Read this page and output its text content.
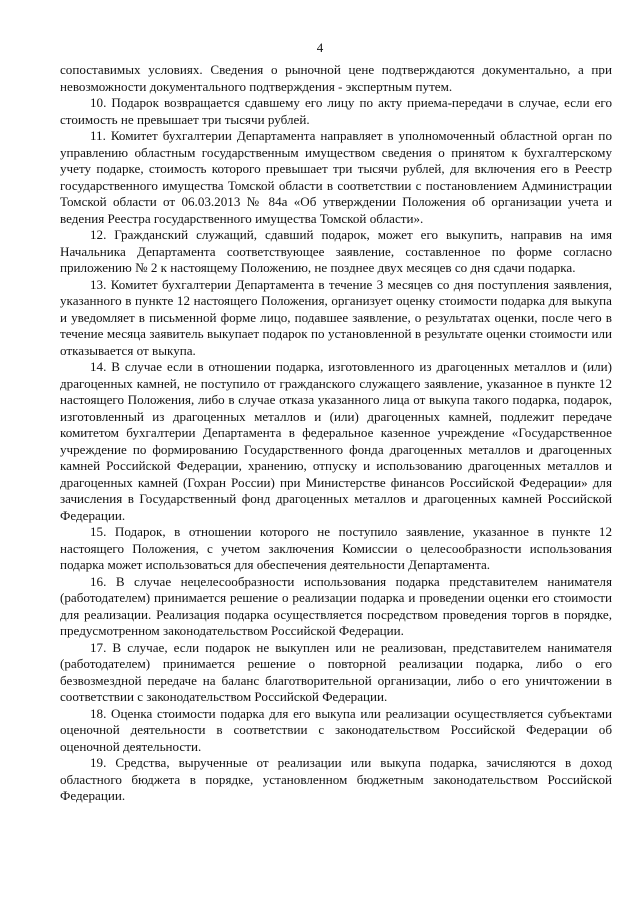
4

сопоставимых условиях. Сведения о рыночной цене подтверждаются документально, а при невозможности документального подтверждения - экспертным путем.

10. Подарок возвращается сдавшему его лицу по акту приема-передачи в случае, если его стоимость не превышает три тысячи рублей.

11. Комитет бухгалтерии Департамента направляет в уполномоченный областной орган по управлению областным государственным имуществом сведения о принятом к бухгалтерскому учету подарке, стоимость которого превышает три тысячи рублей, для включения его в Реестр государственного имущества Томской области в соответствии с постановлением Администрации Томской области от 06.03.2013 № 84а «Об утверждении Положения об организации учета и ведения Реестра государственного имущества Томской области».

12. Гражданский служащий, сдавший подарок, может его выкупить, направив на имя Начальника Департамента соответствующее заявление, составленное по форме согласно приложению № 2 к настоящему Положению, не позднее двух месяцев со дня сдачи подарка.

13. Комитет бухгалтерии Департамента в течение 3 месяцев со дня поступления заявления, указанного в пункте 12 настоящего Положения, организует оценку стоимости подарка для выкупа и уведомляет в письменной форме лицо, подавшее заявление, о результатах оценки, после чего в течение месяца заявитель выкупает подарок по установленной в результате оценки стоимости или отказывается от выкупа.

14. В случае если в отношении подарка, изготовленного из драгоценных металлов и (или) драгоценных камней, не поступило от гражданского служащего заявление, указанное в пункте 12 настоящего Положения, либо в случае отказа указанного лица от выкупа такого подарка, подарок, изготовленный из драгоценных металлов и (или) драгоценных камней, подлежит передаче комитетом бухгалтерии Департамента в федеральное казенное учреждение «Государственное учреждение по формированию Государственного фонда драгоценных металлов и драгоценных камней Российской Федерации, хранению, отпуску и использованию драгоценных металлов и драгоценных камней (Гохран России) при Министерстве финансов Российской Федерации» для зачисления в Государственный фонд драгоценных металлов и драгоценных камней Российской Федерации.

15. Подарок, в отношении которого не поступило заявление, указанное в пункте 12 настоящего Положения, с учетом заключения Комиссии о целесообразности использования подарка может использоваться для обеспечения деятельности Департамента.

16. В случае нецелесообразности использования подарка представителем нанимателя (работодателем) принимается решение о реализации подарка и проведении оценки его стоимости для реализации. Реализация подарка осуществляется посредством проведения торгов в порядке, предусмотренном законодательством Российской Федерации.

17. В случае, если подарок не выкуплен или не реализован, представителем нанимателя (работодателем) принимается решение о повторной реализации подарка, либо о его безвозмездной передаче на баланс благотворительной организации, либо о его уничтожении в соответствии с законодательством Российской Федерации.

18. Оценка стоимости подарка для его выкупа или реализации осуществляется субъектами оценочной деятельности в соответствии с законодательством Российской Федерации об оценочной деятельности.

19. Средства, вырученные от реализации или выкупа подарка, зачисляются в доход областного бюджета в порядке, установленном бюджетным законодательством Российской Федерации.
